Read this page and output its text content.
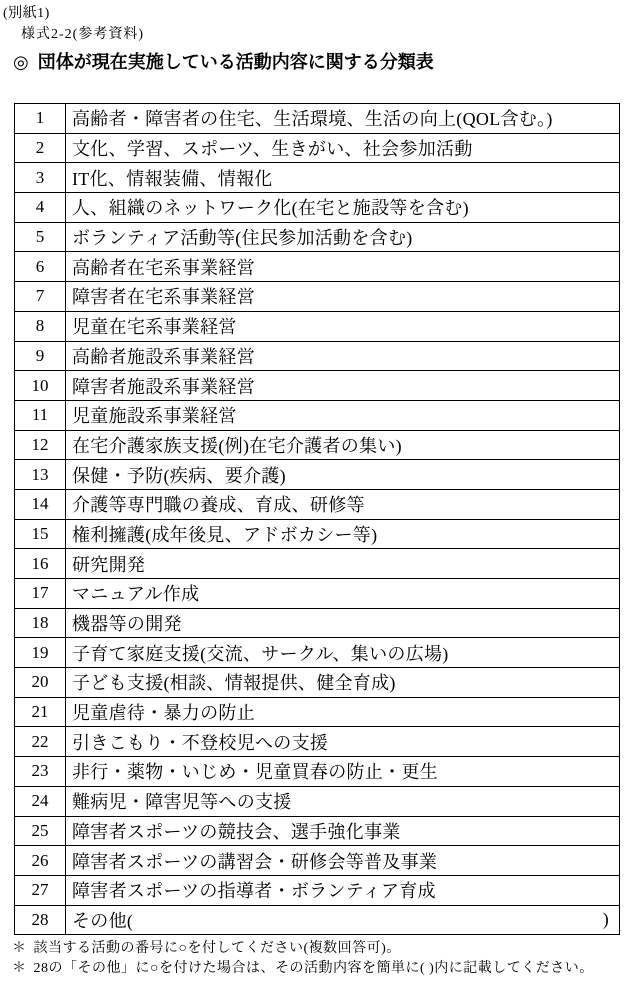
(別紙1)
様式2-2(参考資料)
◎ 団体が現在実施している活動内容に関する分類表
1	高齢者・障害者の住宅、生活環境、生活の向上(QOL含む。)
2	文化、学習、スポーツ、生きがい、社会参加活動
3	IT化、情報装備、情報化
4	人、組織のネットワーク化(在宅と施設等を含む)
5	ボランティア活動等(住民参加活動を含む)
6	高齢者在宅系事業経営
7	障害者在宅系事業経営
8	児童在宅系事業経営
9	高齢者施設系事業経営
10	障害者施設系事業経営
11	児童施設系事業経営
12	在宅介護家族支援(例)在宅介護者の集い)
13	保健・予防(疾病、要介護)
14	介護等専門職の養成、育成、研修等
15	権利擁護(成年後見、アドボカシー等)
16	研究開発
17	マニュアル作成
18	機器等の開発
19	子育て家庭支援(交流、サークル、集いの広場)
20	子ども支援(相談、情報提供、健全育成)
21	児童虐待・暴力の防止
22	引きこもり・不登校児への支援
23	非行・薬物・いじめ・児童買春の防止・更生
24	難病児・障害児等への支援
25	障害者スポーツの競技会、選手強化事業
26	障害者スポーツの講習会・研修会等普及事業
27	障害者スポーツの指導者・ボランティア育成
28	その他( )
＊ 該当する活動の番号に○を付してください(複数回答可)。
＊ 28の「その他」に○を付けた場合は、その活動内容を簡単に( )内に記載してください。
